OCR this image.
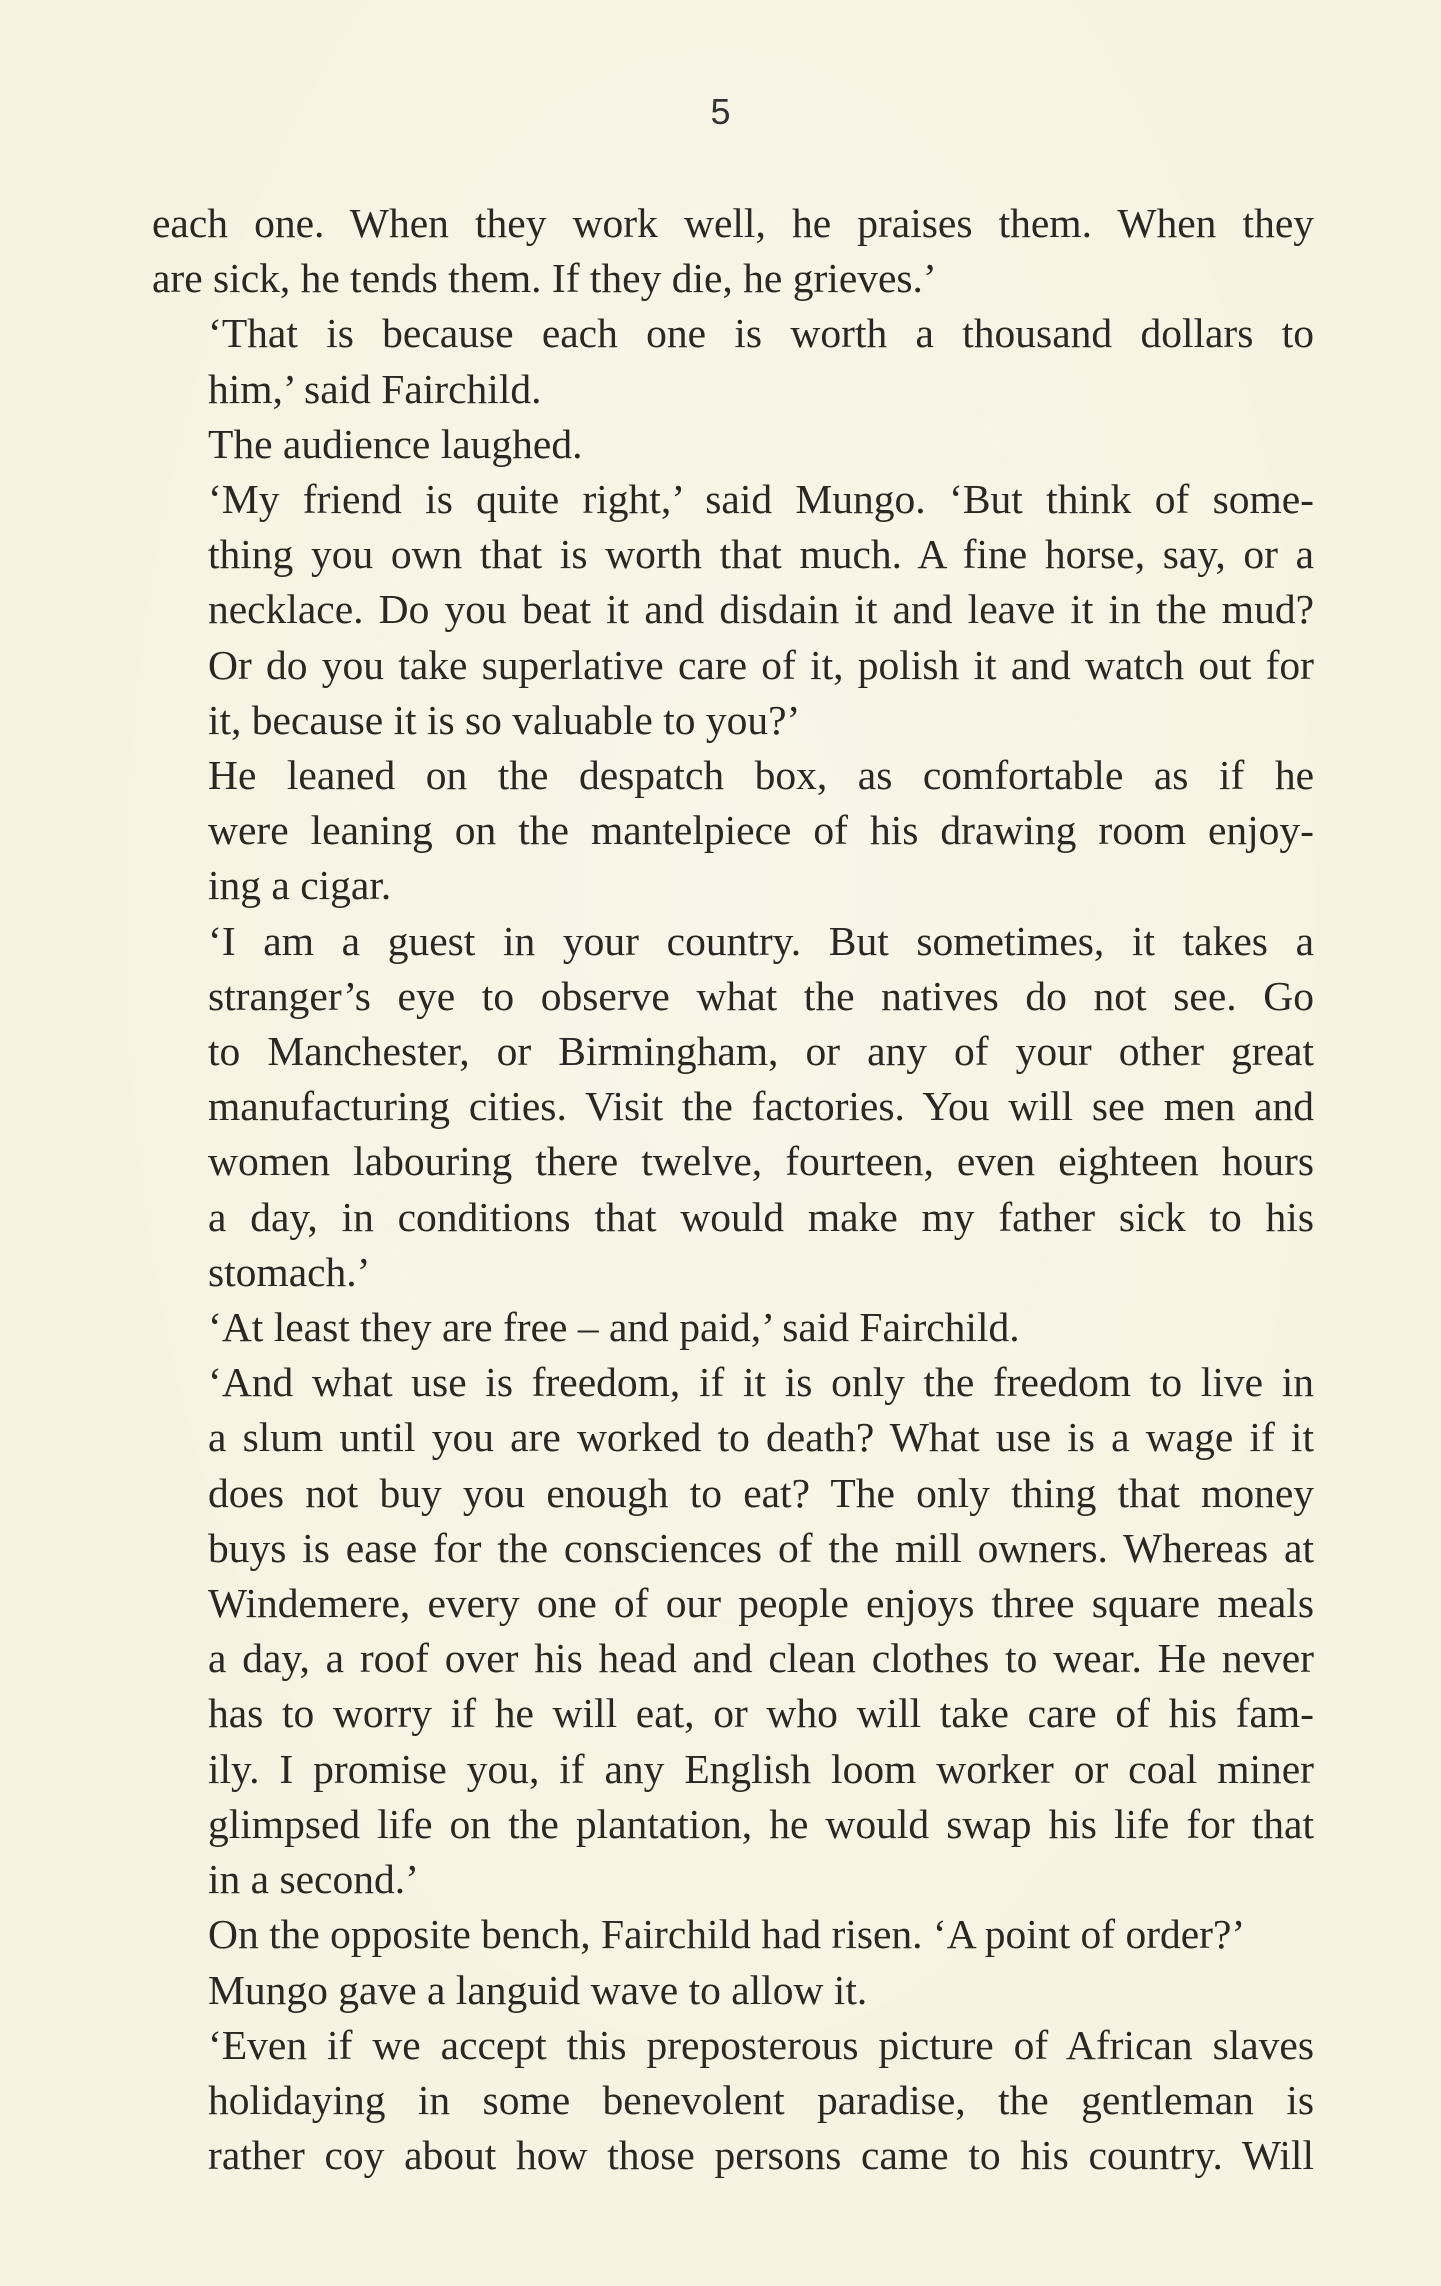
5

each one. When they work well, he praises them. When they
are sick, he tends them. If they die, he grieves.’

‘That is because each one is worth a thousand dollars to
him,’ said Fairchild.

The audience laughed.

‘My friend is quite right,’ said Mungo. ‘But think of some-
thing you own that is worth that much. A fine horse, say, or a
necklace. Do you beat it and disdain it and leave it in the mud?
Or do you take superlative care of it, polish it and watch out for
it, because it is so valuable to you?’

He leaned on the despatch box, as comfortable as if he
were leaning on the mantelpiece of his drawing room enjoy-
ing a cigar.

‘I am a guest in your country. But sometimes, it takes a
stranger’s eye to observe what the natives do not see. Go
to Manchester, or Birmingham, or any of your other great
manufacturing cities. Visit the factories. You will see men and
women labouring there twelve, fourteen, even eighteen hours
a day, in conditions that would make my father sick to his
stomach.’

‘At least they are free – and paid,’ said Fairchild.

‘And what use is freedom, if it is only the freedom to live in
a slum until you are worked to death? What use is a wage if it
does not buy you enough to eat? The only thing that money
buys is ease for the consciences of the mill owners. Whereas at
Windemere, every one of our people enjoys three square meals
a day, a roof over his head and clean clothes to wear. He never
has to worry if he will eat, or who will take care of his fam-
ily. I promise you, if any English loom worker or coal miner
glimpsed life on the plantation, he would swap his life for that
in a second.’

On the opposite bench, Fairchild had risen. ‘A point of order?’

Mungo gave a languid wave to allow it.

‘Even if we accept this preposterous picture of African slaves
holidaying in some benevolent paradise, the gentleman is
rather coy about how those persons came to his country. Will
